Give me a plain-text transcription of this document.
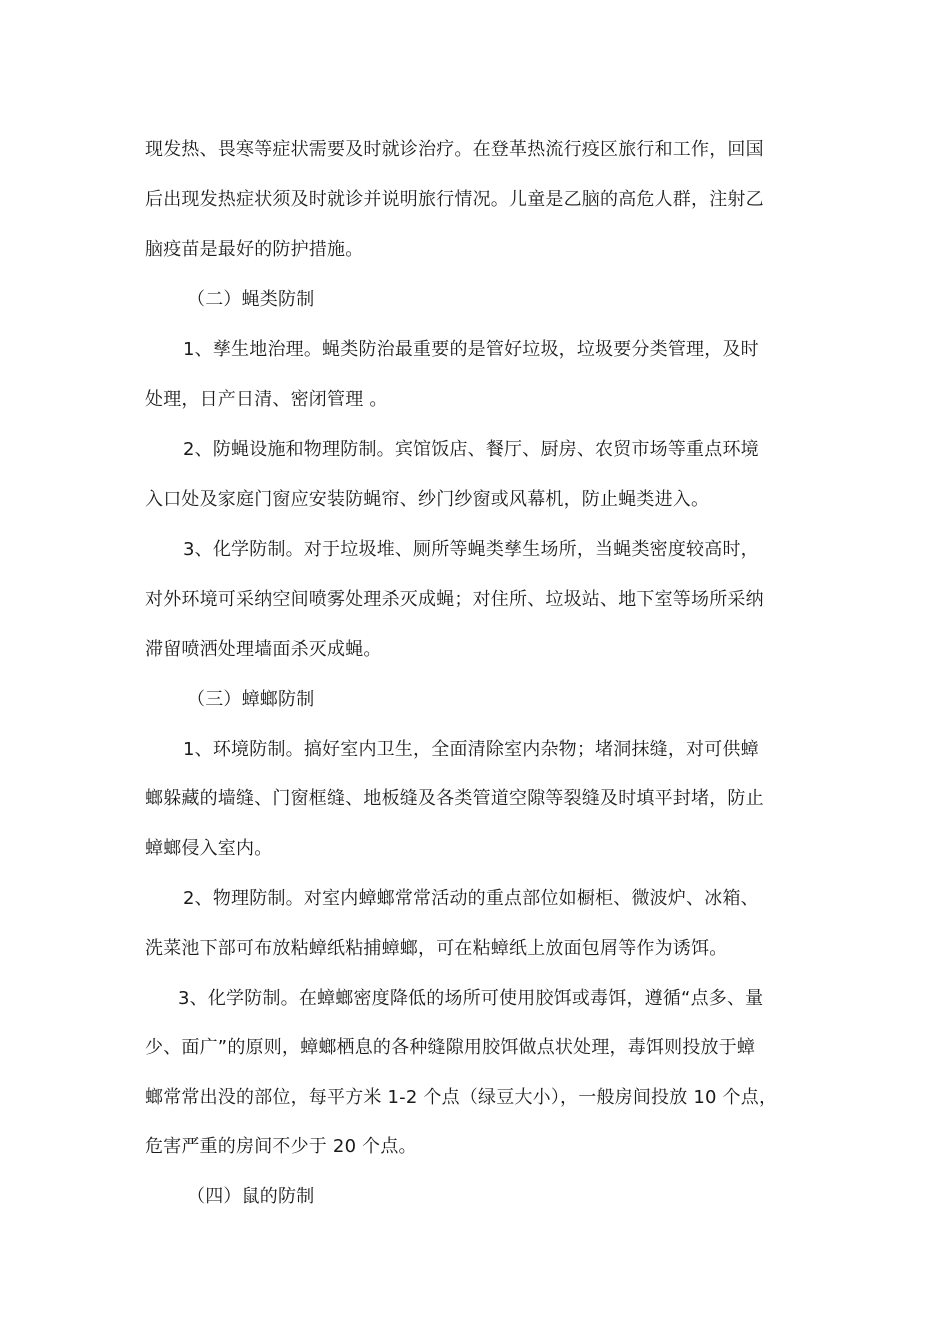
现发热、畏寒等症状需要及时就诊治疗。在登革热流行疫区旅行和工作，回国
后出现发热症状须及时就诊并说明旅行情况。儿童是乙脑的高危人群，注射乙
脑疫苗是最好的防护措施。
（二）蝇类防制
1、孳生地治理。蝇类防治最重要的是管好垃圾，垃圾要分类管理，及时
处理，日产日清、密闭管理 。
2、防蝇设施和物理防制。宾馆饭店、餐厅、厨房、农贸市场等重点环境
入口处及家庭门窗应安装防蝇帘、纱门纱窗或风幕机，防止蝇类进入。
3、化学防制。对于垃圾堆、厕所等蝇类孳生场所，当蝇类密度较高时，
对外环境可采纳空间喷雾处理杀灭成蝇；对住所、垃圾站、地下室等场所采纳
滞留喷洒处理墙面杀灭成蝇。
（三）蟑螂防制
1、环境防制。搞好室内卫生，全面清除室内杂物；堵洞抹缝，对可供蟑
螂躲藏的墙缝、门窗框缝、地板缝及各类管道空隙等裂缝及时填平封堵，防止
蟑螂侵入室内。
2、物理防制。对室内蟑螂常常活动的重点部位如橱柜、微波炉、冰箱、
洗菜池下部可布放粘蟑纸粘捕蟑螂，可在粘蟑纸上放面包屑等作为诱饵。
3、化学防制。在蟑螂密度降低的场所可使用胶饵或毒饵，遵循“点多、量
少、面广”的原则，蟑螂栖息的各种缝隙用胶饵做点状处理，毒饵则投放于蟑
螂常常出没的部位，每平方米 1-2 个点（绿豆大小），一般房间投放 10 个点，
危害严重的房间不少于 20 个点。
（四）鼠的防制
